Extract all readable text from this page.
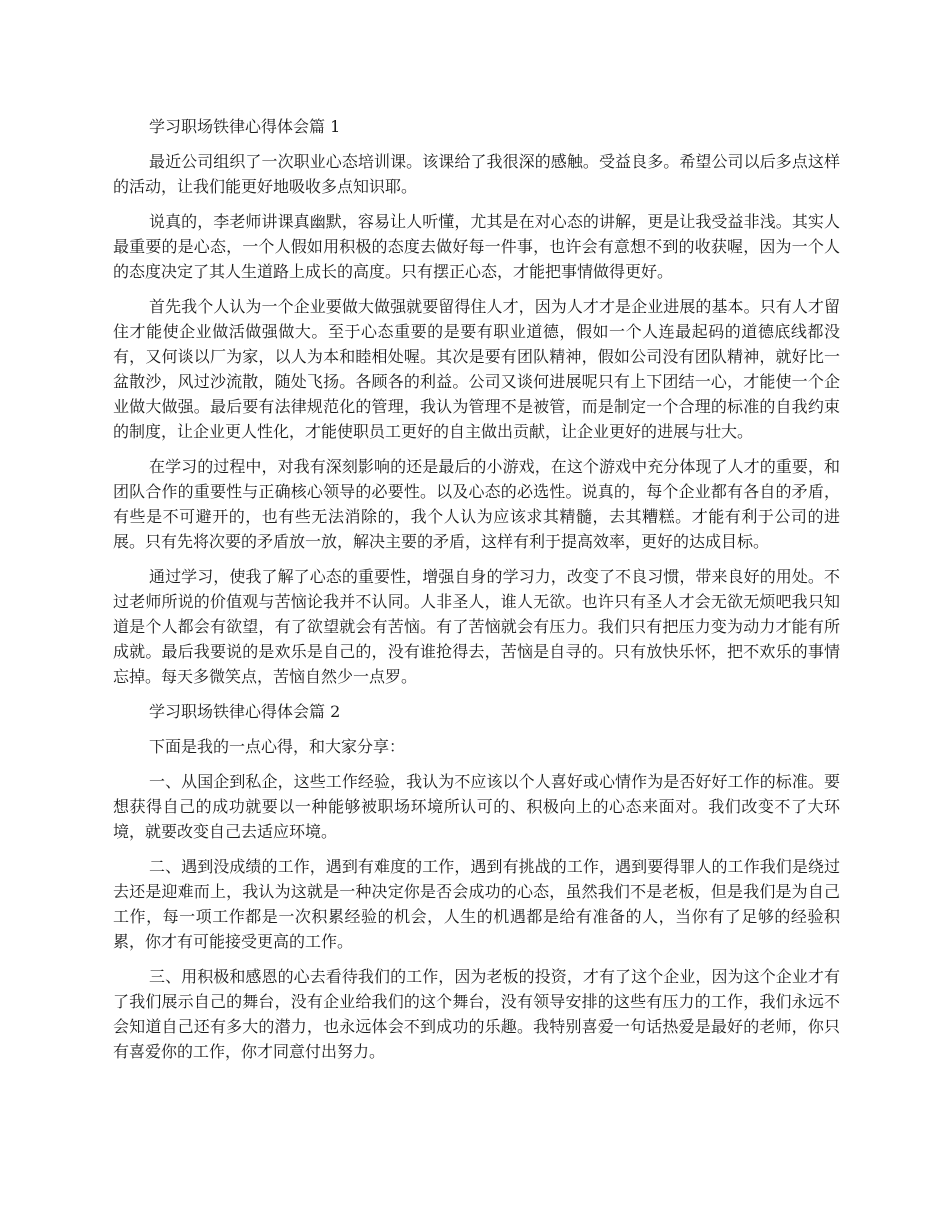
学习职场铁律心得体会篇 1

最近公司组织了一次职业心态培训课。该课给了我很深的感触。受益良多。希望公司以后多点这样的活动，让我们能更好地吸收多点知识耶。

说真的，李老师讲课真幽默，容易让人听懂，尤其是在对心态的讲解，更是让我受益非浅。其实人最重要的是心态，一个人假如用积极的态度去做好每一件事，也许会有意想不到的收获喔，因为一个人的态度决定了其人生道路上成长的高度。只有摆正心态，才能把事情做得更好。

首先我个人认为一个企业要做大做强就要留得住人才，因为人才才是企业进展的基本。只有人才留住才能使企业做活做强做大。至于心态重要的是要有职业道德，假如一个人连最起码的道德底线都没有，又何谈以厂为家，以人为本和睦相处喔。其次是要有团队精神，假如公司没有团队精神，就好比一盆散沙，风过沙流散，随处飞扬。各顾各的利益。公司又谈何进展呢只有上下团结一心，才能使一个企业做大做强。最后要有法律规范化的管理，我认为管理不是被管，而是制定一个合理的标准的自我约束的制度，让企业更人性化，才能使职员工更好的自主做出贡献，让企业更好的进展与壮大。

在学习的过程中，对我有深刻影响的还是最后的小游戏，在这个游戏中充分体现了人才的重要，和团队合作的重要性与正确核心领导的必要性。以及心态的必选性。说真的，每个企业都有各自的矛盾，有些是不可避开的，也有些无法消除的，我个人认为应该求其精髓，去其糟糕。才能有利于公司的进展。只有先将次要的矛盾放一放，解决主要的矛盾，这样有利于提高效率，更好的达成目标。

通过学习，使我了解了心态的重要性，增强自身的学习力，改变了不良习惯，带来良好的用处。不过老师所说的价值观与苦恼论我并不认同。人非圣人，谁人无欲。也许只有圣人才会无欲无烦吧我只知道是个人都会有欲望，有了欲望就会有苦恼。有了苦恼就会有压力。我们只有把压力变为动力才能有所成就。最后我要说的是欢乐是自己的，没有谁抢得去，苦恼是自寻的。只有放快乐怀，把不欢乐的事情忘掉。每天多微笑点，苦恼自然少一点罗。

学习职场铁律心得体会篇 2

下面是我的一点心得，和大家分享：

一、从国企到私企，这些工作经验，我认为不应该以个人喜好或心情作为是否好好工作的标准。要想获得自己的成功就要以一种能够被职场环境所认可的、积极向上的心态来面对。我们改变不了大环境，就要改变自己去适应环境。

二、遇到没成绩的工作，遇到有难度的工作，遇到有挑战的工作，遇到要得罪人的工作我们是绕过去还是迎难而上，我认为这就是一种决定你是否会成功的心态，虽然我们不是老板，但是我们是为自己工作，每一项工作都是一次积累经验的机会，人生的机遇都是给有准备的人，当你有了足够的经验积累，你才有可能接受更高的工作。

三、用积极和感恩的心去看待我们的工作，因为老板的投资，才有了这个企业，因为这个企业才有了我们展示自己的舞台，没有企业给我们的这个舞台，没有领导安排的这些有压力的工作，我们永远不会知道自己还有多大的潜力，也永远体会不到成功的乐趣。我特别喜爱一句话热爱是最好的老师，你只有喜爱你的工作，你才同意付出努力。
